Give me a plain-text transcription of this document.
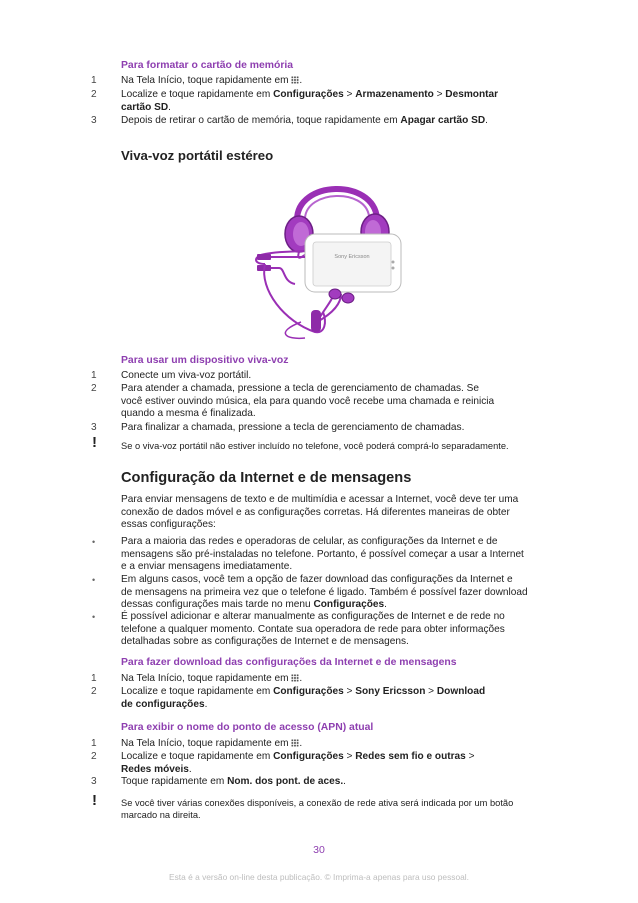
Para formatar o cartão de memória
1 Na Tela Início, toque rapidamente em .
2 Localize e toque rapidamente em Configurações > Armazenamento > Desmontar
cartão SD.
3 Depois de retirar o cartão de memória, toque rapidamente em Apagar cartão SD.
Viva-voz portátil estéreo
Sony Ericsson
Para usar um dispositivo viva-voz
1 Conecte um viva-voz portátil.
2 Para atender a chamada, pressione a tecla de gerenciamento de chamadas. Se
você estiver ouvindo música, ela para quando você recebe uma chamada e reinicia
quando a mesma é finalizada.
3 Para finalizar a chamada, pressione a tecla de gerenciamento de chamadas.
!	Se o viva-voz portátil não estiver incluído no telefone, você poderá comprá-lo separadamente.
Configuração da Internet e de mensagens
Para enviar mensagens de texto e de multimídia e acessar a Internet, você deve ter uma
conexão de dados móvel e as configurações corretas. Há diferentes maneiras de obter
essas configurações:
•	Para a maioria das redes e operadoras de celular, as configurações da Internet e de
mensagens são pré-instaladas no telefone. Portanto, é possível começar a usar a Internet
e a enviar mensagens imediatamente.
•	Em alguns casos, você tem a opção de fazer download das configurações da Internet e
de mensagens na primeira vez que o telefone é ligado. Também é possível fazer download
dessas configurações mais tarde no menu Configurações.
•	É possível adicionar e alterar manualmente as configurações de Internet e de rede no
telefone a qualquer momento. Contate sua operadora de rede para obter informações
detalhadas sobre as configurações de Internet e de mensagens.
Para fazer download das configurações da Internet e de mensagens
1 Na Tela Início, toque rapidamente em .
2 Localize e toque rapidamente em Configurações > Sony Ericsson > Download
de configurações.
Para exibir o nome do ponto de acesso (APN) atual
1 Na Tela Início, toque rapidamente em .
2 Localize e toque rapidamente em Configurações > Redes sem fio e outras >
Redes móveis.
3 Toque rapidamente em Nom. dos pont. de aces..
!	Se você tiver várias conexões disponíveis, a conexão de rede ativa será indicada por um botão
marcado na direita.
30
Esta é a versão on-line desta publicação. © Imprima-a apenas para uso pessoal.
